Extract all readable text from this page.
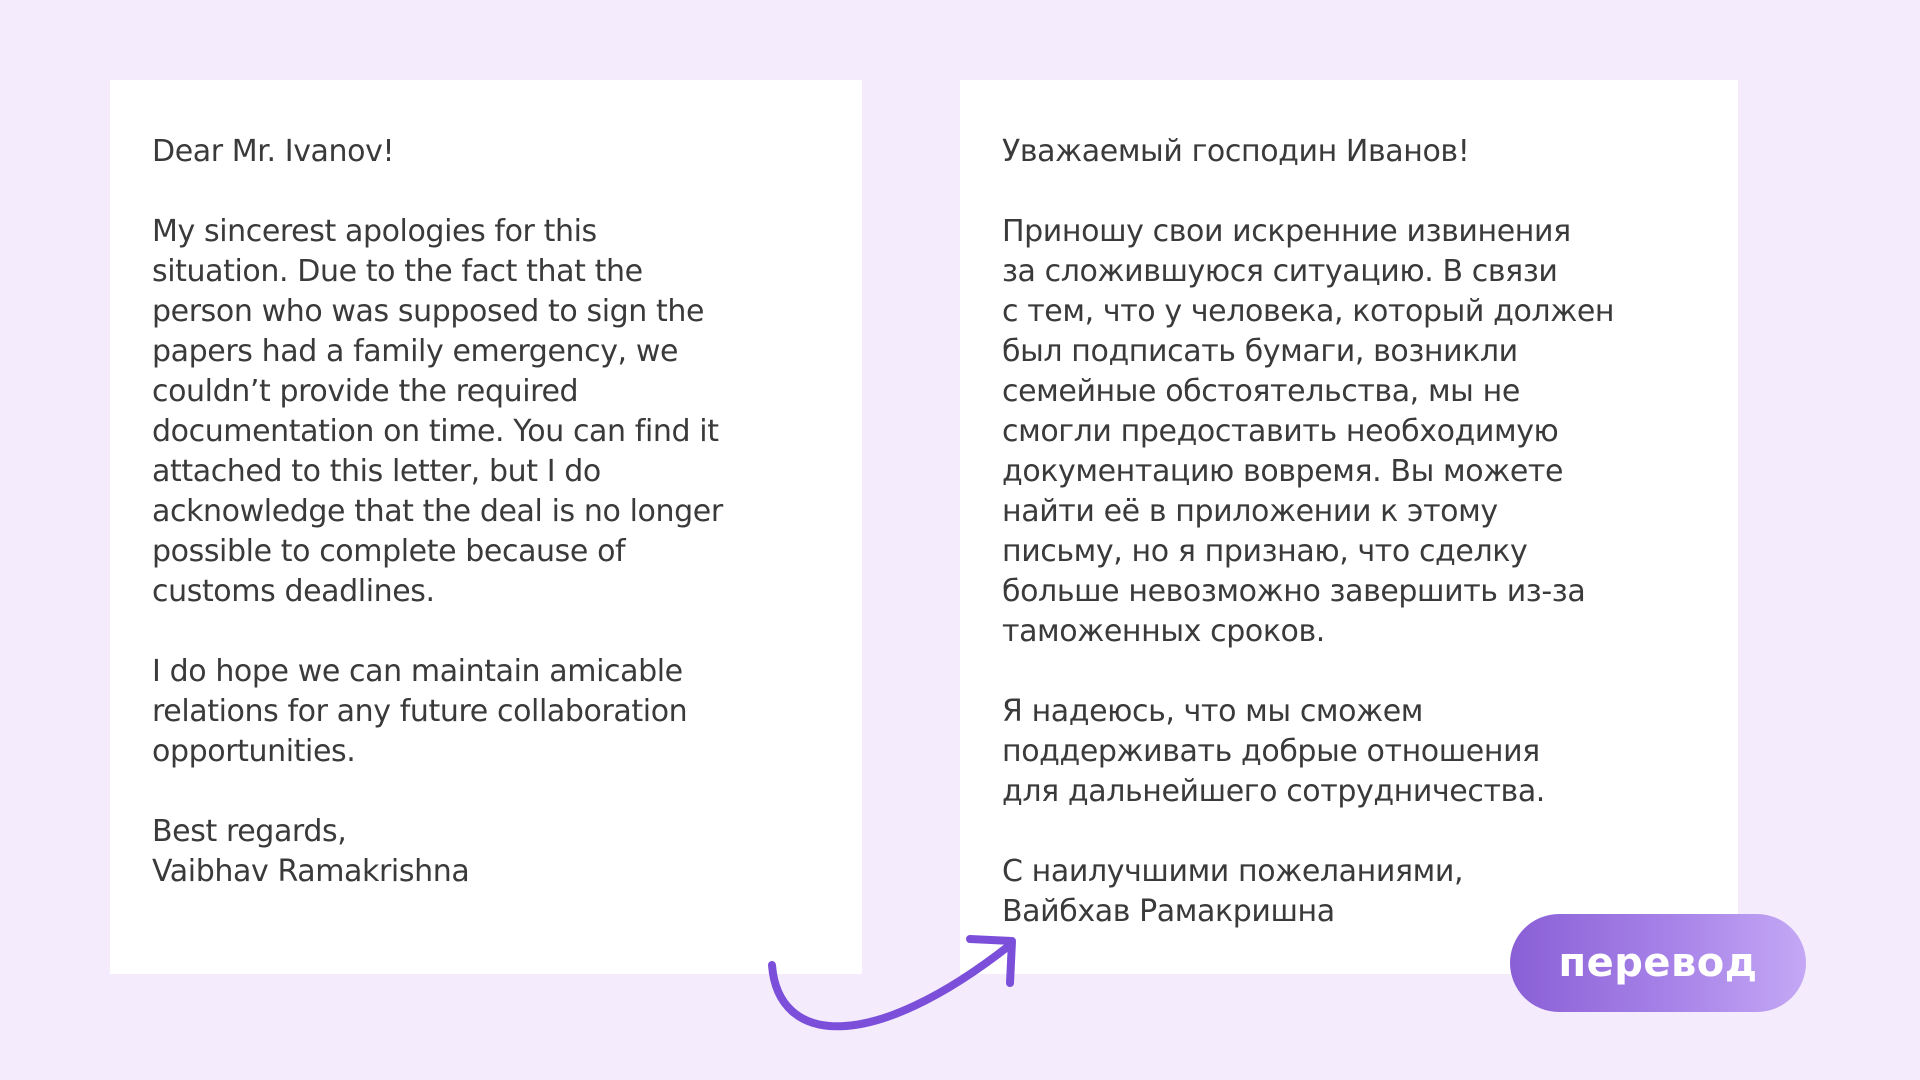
Dear Mr. Ivanov!

My sincerest apologies for this
situation. Due to the fact that the
person who was supposed to sign the
papers had a family emergency, we
couldn’t provide the required
documentation on time. You can find it
attached to this letter, but I do
acknowledge that the deal is no longer
possible to complete because of
customs deadlines.

I do hope we can maintain amicable
relations for any future collaboration
opportunities.

Best regards,

Vaibhav Ramakrishna

Уважаемый господин Иванов!

Приношу свои искренние извинения
за сложившуюся ситуацию. В связи
с тем, что у человека, который должен
был подписать бумаги, возникли
семейные обстоятельства, мы не
смогли предоставить необходимую
документацию вовремя. Вы можете
найти её в приложении к этому
письму, но я признаю, что сделку
больше невозможно завершить из-за
таможенных сроков.

Я надеюсь, что мы сможем
поддерживать добрые отношения
для дальнейшего сотрудничества.

С наилучшими пожеланиями,

Вайбхав Рамакришна

перевод
